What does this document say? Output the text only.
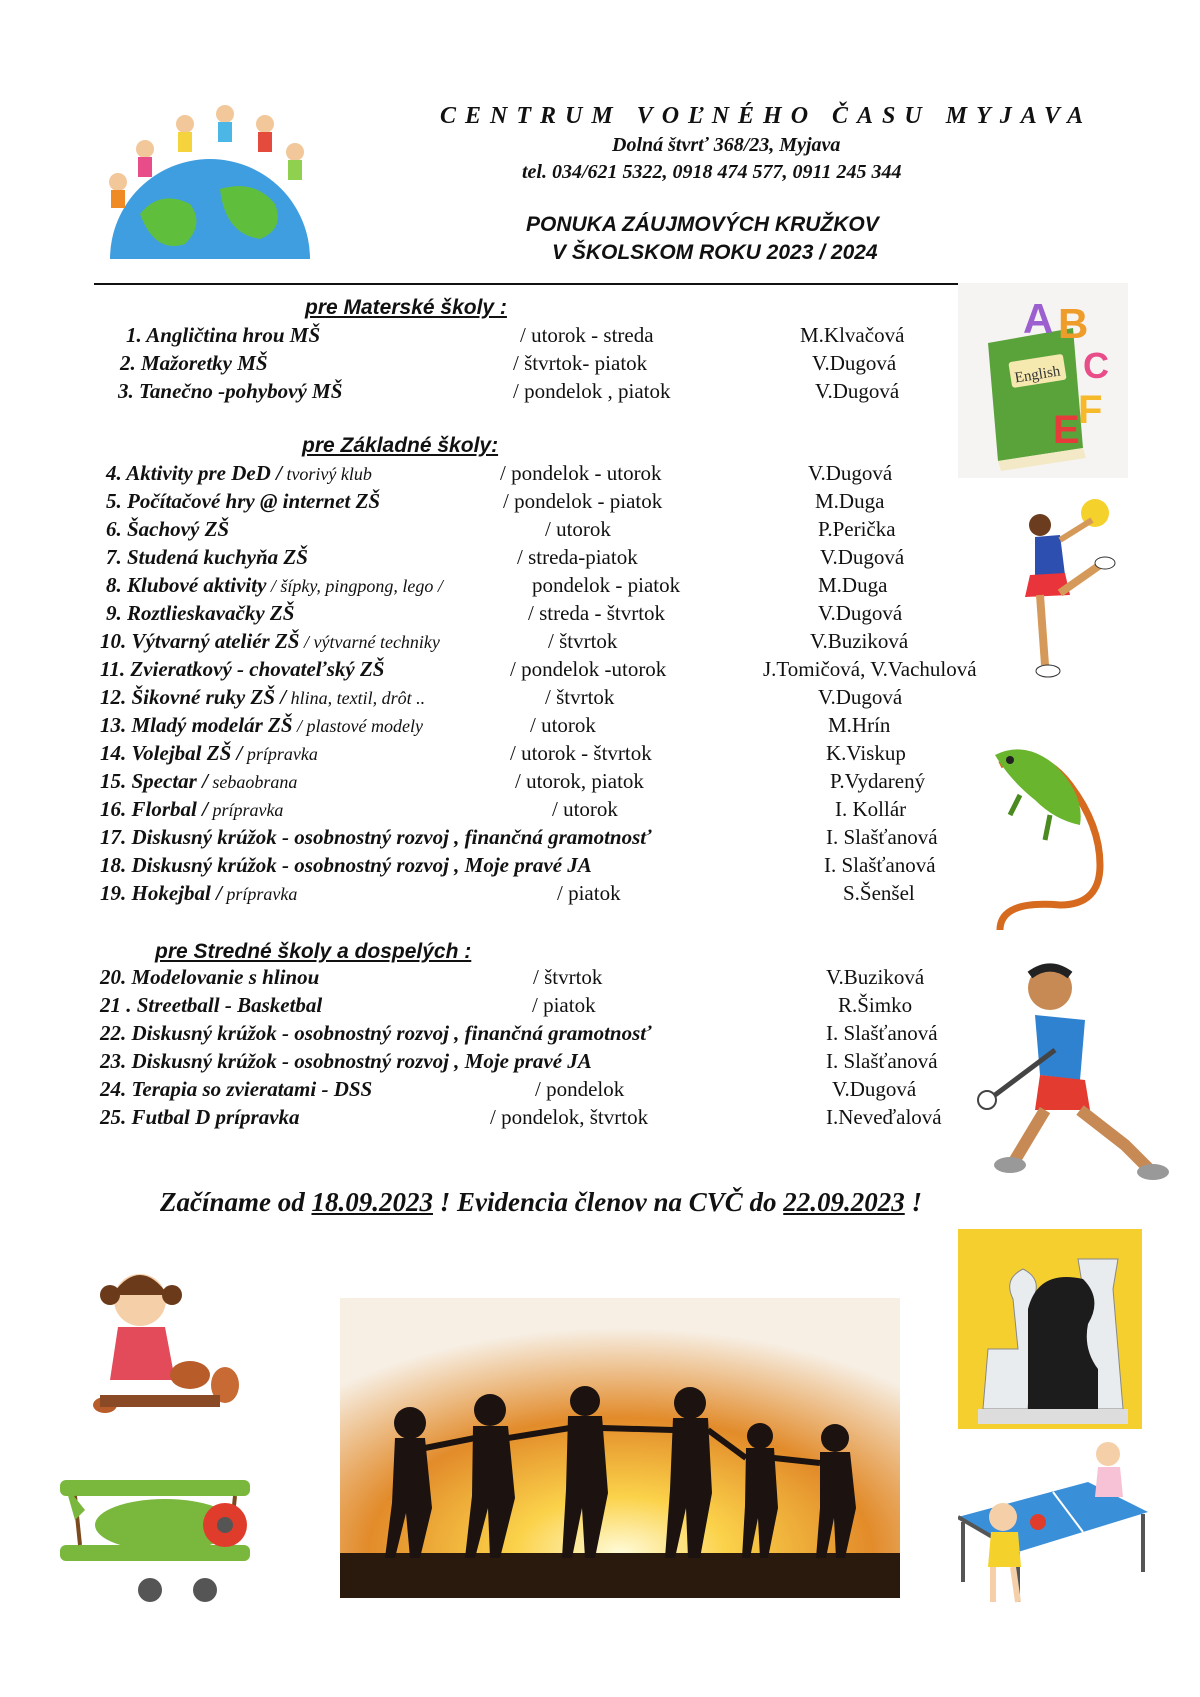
CENTRUM VOĽNÉHO ČASU MYJAVA
Dolná štvrť 368/23, Myjava
tel. 034/621 5322, 0918 474 577, 0911 245 344
PONUKA ZÁUJMOVÝCH KRUŽKOV
V ŠKOLSKOM ROKU 2023 / 2024
pre Materské školy :
pre Základné školy:
pre Stredné školy a dospelých :
1. Angličtina hrou MŠ	/ utorok - streda	M.Klvačová
2. Mažoretky MŠ	/ štvrtok- piatok	V.Dugová
3. Tanečno -pohybový MŠ	/ pondelok , piatok	V.Dugová
4. Aktivity pre DeD / tvorivý klub	/ pondelok - utorok	V.Dugová
5. Počítačové hry @ internet ZŠ	/ pondelok - piatok	M.Duga
6. Šachový ZŠ	/ utorok	P.Perička
7. Studená kuchyňa ZŠ	/ streda-piatok	V.Dugová
8. Klubové aktivity / šípky, pingpong, lego /	pondelok - piatok	M.Duga
9. Roztlieskavačky ZŠ	/ streda - štvrtok	V.Dugová
10. Výtvarný ateliér ZŠ / výtvarné techniky	/ štvrtok	V.Buziková
11. Zvieratkový - chovateľský ZŠ	/ pondelok -utorok	J.Tomičová, V.Vachulová
12. Šikovné ruky ZŠ / hlina, textil, drôt ..	/ štvrtok	V.Dugová
13. Mladý modelár ZŠ / plastové modely	/ utorok	M.Hrín
14. Volejbal ZŠ / prípravka	/ utorok - štvrtok	K.Viskup
15. Spectar / sebaobrana	/ utorok, piatok	P.Vydarený
16. Florbal / prípravka	/ utorok	I. Kollár
17. Diskusný krúžok - osobnostný rozvoj , finančná gramotnosť	I. Slašťanová
18. Diskusný krúžok - osobnostný rozvoj , Moje pravé JA	I. Slašťanová
19. Hokejbal / prípravka	/ piatok	S.Šenšel
20. Modelovanie s hlinou	/ štvrtok	V.Buziková
21 . Streetball - Basketbal	/ piatok	R.Šimko
22. Diskusný krúžok - osobnostný rozvoj , finančná gramotnosť	I. Slašťanová
23. Diskusný krúžok - osobnostný rozvoj , Moje pravé JA	I. Slašťanová
24. Terapia so zvieratami - DSS	/ pondelok	V.Dugová
25. Futbal D prípravka	/ pondelok, štvrtok	I.Neveďalová
Začíname od 18.09.2023 ! Evidencia členov na CVČ do 22.09.2023 !
English
A B
C
F
E
